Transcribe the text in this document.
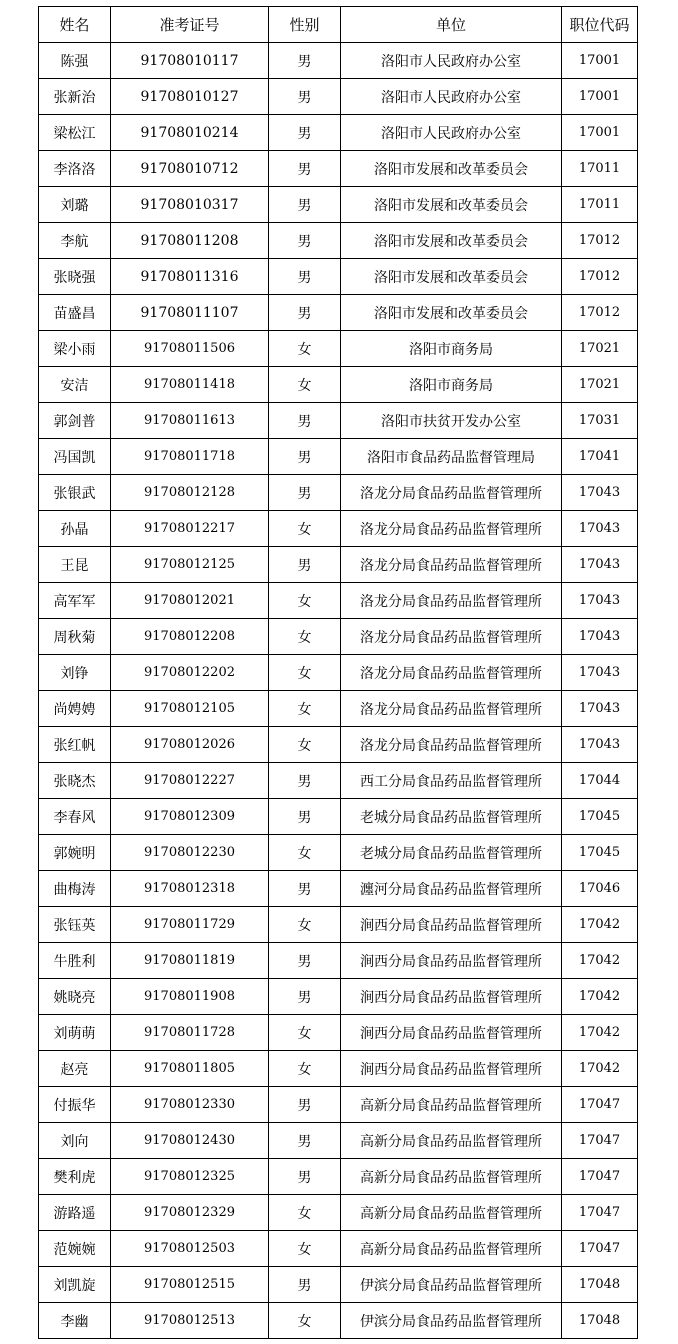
姓名	准考证号	性别	单位	职位代码
陈强	91708010117	男	洛阳市人民政府办公室	17001
张新治	91708010127	男	洛阳市人民政府办公室	17001
梁松江	91708010214	男	洛阳市人民政府办公室	17001
李洛洛	91708010712	男	洛阳市发展和改革委员会	17011
刘璐	91708010317	男	洛阳市发展和改革委员会	17011
李航	91708011208	男	洛阳市发展和改革委员会	17012
张晓强	91708011316	男	洛阳市发展和改革委员会	17012
苗盛昌	91708011107	男	洛阳市发展和改革委员会	17012
梁小雨	91708011506	女	洛阳市商务局	17021
安洁	91708011418	女	洛阳市商务局	17021
郭剑普	91708011613	男	洛阳市扶贫开发办公室	17031
冯国凯	91708011718	男	洛阳市食品药品监督管理局	17041
张银武	91708012128	男	洛龙分局食品药品监督管理所	17043
孙晶	91708012217	女	洛龙分局食品药品监督管理所	17043
王昆	91708012125	男	洛龙分局食品药品监督管理所	17043
高军军	91708012021	女	洛龙分局食品药品监督管理所	17043
周秋菊	91708012208	女	洛龙分局食品药品监督管理所	17043
刘铮	91708012202	女	洛龙分局食品药品监督管理所	17043
尚娉娉	91708012105	女	洛龙分局食品药品监督管理所	17043
张红帆	91708012026	女	洛龙分局食品药品监督管理所	17043
张晓杰	91708012227	男	西工分局食品药品监督管理所	17044
李春风	91708012309	男	老城分局食品药品监督管理所	17045
郭婉明	91708012230	女	老城分局食品药品监督管理所	17045
曲梅涛	91708012318	男	瀍河分局食品药品监督管理所	17046
张钰英	91708011729	女	涧西分局食品药品监督管理所	17042
牛胜利	91708011819	男	涧西分局食品药品监督管理所	17042
姚晓亮	91708011908	男	涧西分局食品药品监督管理所	17042
刘萌萌	91708011728	女	涧西分局食品药品监督管理所	17042
赵亮	91708011805	女	涧西分局食品药品监督管理所	17042
付振华	91708012330	男	高新分局食品药品监督管理所	17047
刘向	91708012430	男	高新分局食品药品监督管理所	17047
樊利虎	91708012325	男	高新分局食品药品监督管理所	17047
游路遥	91708012329	女	高新分局食品药品监督管理所	17047
范婉婉	91708012503	女	高新分局食品药品监督管理所	17047
刘凯旋	91708012515	男	伊滨分局食品药品监督管理所	17048
李幽	91708012513	女	伊滨分局食品药品监督管理所	17048
